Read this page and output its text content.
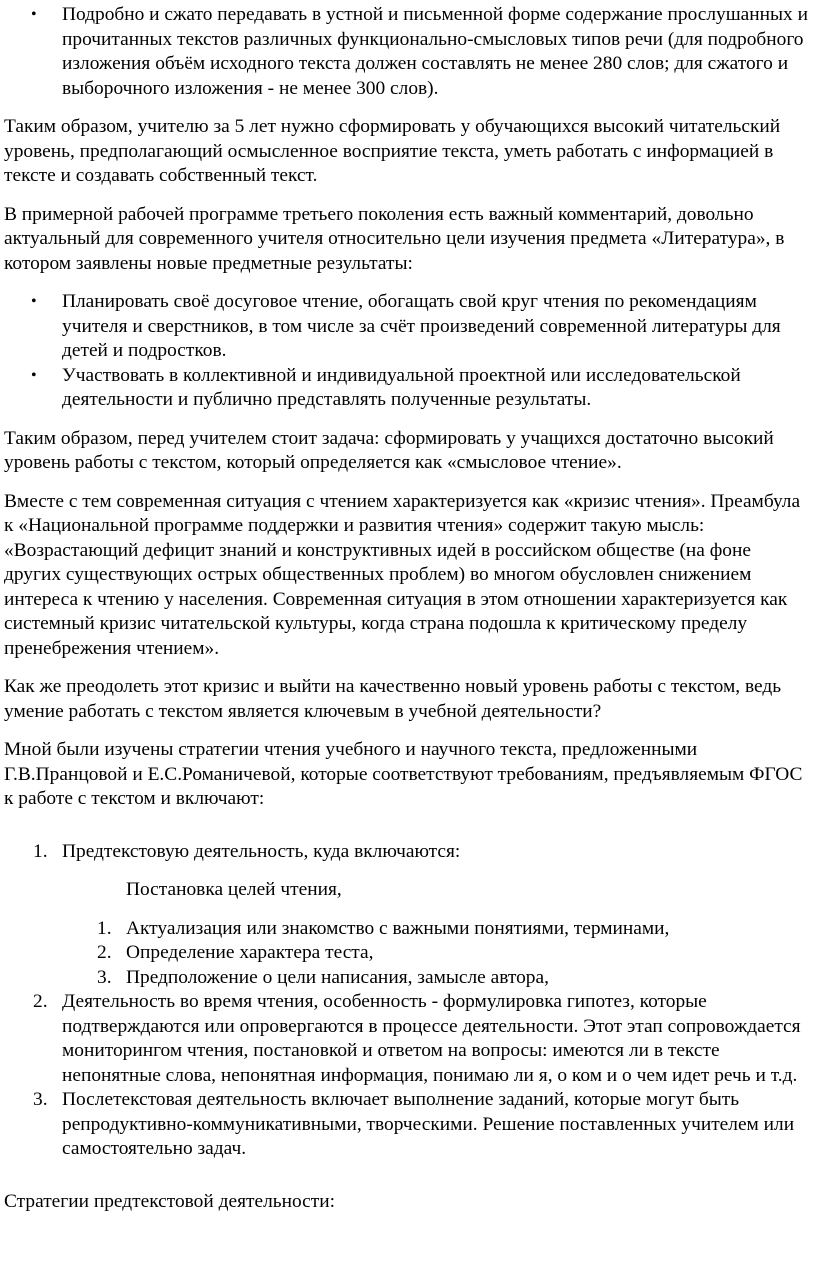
• Подробно и сжато передавать в устной и письменной форме содержание прослушанных и прочитанных текстов различных функционально-смысловых типов речи (для подробного изложения объём исходного текста должен составлять не менее 280 слов; для сжатого и выборочного изложения - не менее 300 слов).

Таким образом, учителю за 5 лет нужно сформировать у обучающихся высокий читательский уровень, предполагающий осмысленное восприятие текста, уметь работать с информацией в тексте и создавать собственный текст.

В примерной рабочей программе третьего поколения есть важный комментарий, довольно актуальный для современного учителя относительно цели изучения предмета «Литература», в котором заявлены новые предметные результаты:

• Планировать своё досуговое чтение, обогащать свой круг чтения по рекомендациям учителя и сверстников, в том числе за счёт произведений современной литературы для детей и подростков.
• Участвовать в коллективной и индивидуальной проектной или исследовательской деятельности и публично представлять полученные результаты.

Таким образом, перед учителем стоит задача: сформировать у учащихся достаточно высокий уровень работы с текстом, который определяется как «смысловое чтение».

Вместе с тем современная ситуация с чтением характеризуется как «кризис чтения». Преамбула к «Национальной программе поддержки и развития чтения» содержит такую мысль: «Возрастающий дефицит знаний и конструктивных идей в российском обществе (на фоне других существующих острых общественных проблем) во многом обусловлен снижением интереса к чтению у населения. Современная ситуация в этом отношении характеризуется как системный кризис читательской культуры, когда страна подошла к критическому пределу пренебрежения чтением».

Как же преодолеть этот кризис и выйти на качественно новый уровень работы с текстом, ведь умение работать с текстом является ключевым в учебной деятельности?

Мной были изучены стратегии чтения учебного и научного текста, предложенными Г.В.Пранцовой и Е.С.Романичевой, которые соответствуют требованиям, предъявляемым ФГОС к работе с текстом и включают:

1. Предтекстовую деятельность, куда включаются:
Постановка целей чтения,
1. Актуализация или знакомство с важными понятиями, терминами,
2. Определение характера теста,
3. Предположение о цели написания, замысле автора,
2. Деятельность во время чтения, особенность - формулировка гипотез, которые подтверждаются или опровергаются в процессе деятельности. Этот этап сопровождается мониторингом чтения, постановкой и ответом на вопросы: имеются ли в тексте непонятные слова, непонятная информация, понимаю ли я, о ком и о чем идет речь и т.д.
3. Послетекстовая деятельность включает выполнение заданий, которые могут быть репродуктивно-коммуникативными, творческими. Решение поставленных учителем или самостоятельно задач.

Стратегии предтекстовой деятельности:
